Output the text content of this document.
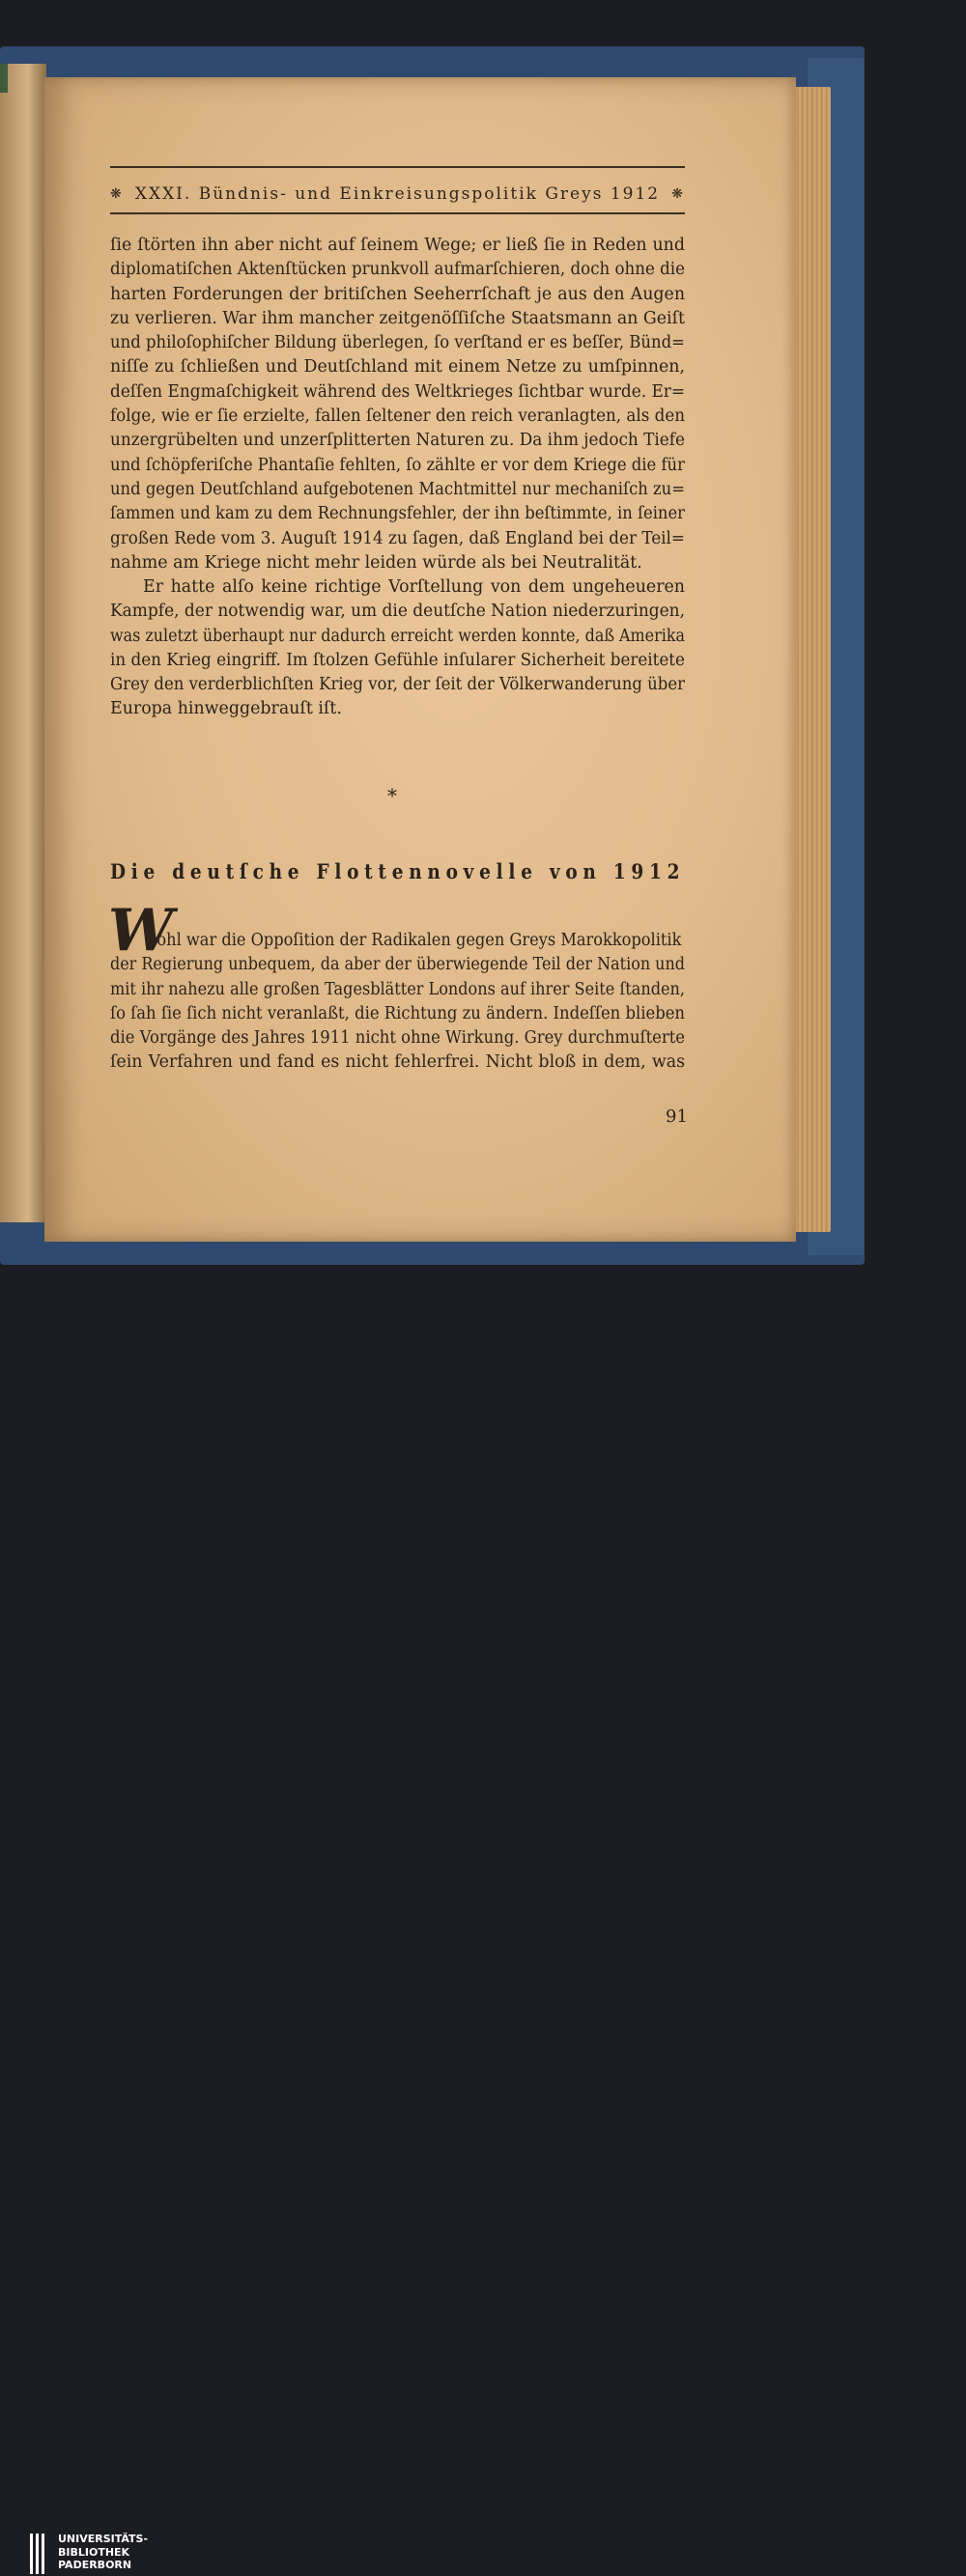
❋ XXXI. Bündnis- und Einkreisungspolitik Greys 1912 ❋
ſie ſtörten ihn aber nicht auf ſeinem Wege; er ließ ſie in Reden und
diplomatiſchen Aktenſtücken prunkvoll aufmarſchieren, doch ohne die
harten Forderungen der britiſchen Seeherrſchaft je aus den Augen
zu verlieren. War ihm mancher zeitgenöſſiſche Staatsmann an Geiſt
und philoſophiſcher Bildung überlegen, ſo verſtand er es beſſer, Bünd=
niſſe zu ſchließen und Deutſchland mit einem Netze zu umſpinnen,
deſſen Engmaſchigkeit während des Weltkrieges ſichtbar wurde. Er=
folge, wie er ſie erzielte, fallen ſeltener den reich veranlagten, als den
unzergrübelten und unzerſplitterten Naturen zu. Da ihm jedoch Tiefe
und ſchöpferiſche Phantaſie fehlten, ſo zählte er vor dem Kriege die für
und gegen Deutſchland aufgebotenen Machtmittel nur mechaniſch zu=
ſammen und kam zu dem Rechnungsfehler, der ihn beſtimmte, in ſeiner
großen Rede vom 3. Auguſt 1914 zu ſagen, daß England bei der Teil=
nahme am Kriege nicht mehr leiden würde als bei Neutralität.
Er hatte alſo keine richtige Vorſtellung von dem ungeheueren
Kampfe, der notwendig war, um die deutſche Nation niederzuringen,
was zuletzt überhaupt nur dadurch erreicht werden konnte, daß Amerika
in den Krieg eingriff. Im ſtolzen Gefühle inſularer Sicherheit bereitete
Grey den verderblichſten Krieg vor, der ſeit der Völkerwanderung über
Europa hinweggebrauſt iſt.
*
Die deutſche Flottennovelle von 1912
W
ohl war die Oppoſition der Radikalen gegen Greys Marokkopolitik
der Regierung unbequem, da aber der überwiegende Teil der Nation und
mit ihr nahezu alle großen Tagesblätter Londons auf ihrer Seite ſtanden,
ſo ſah ſie ſich nicht veranlaßt, die Richtung zu ändern. Indeſſen blieben
die Vorgänge des Jahres 1911 nicht ohne Wirkung. Grey durchmuſterte
ſein Verfahren und fand es nicht fehlerfrei. Nicht bloß in dem, was
91
UNIVERSITÄTS-
BIBLIOTHEK
PADERBORN
